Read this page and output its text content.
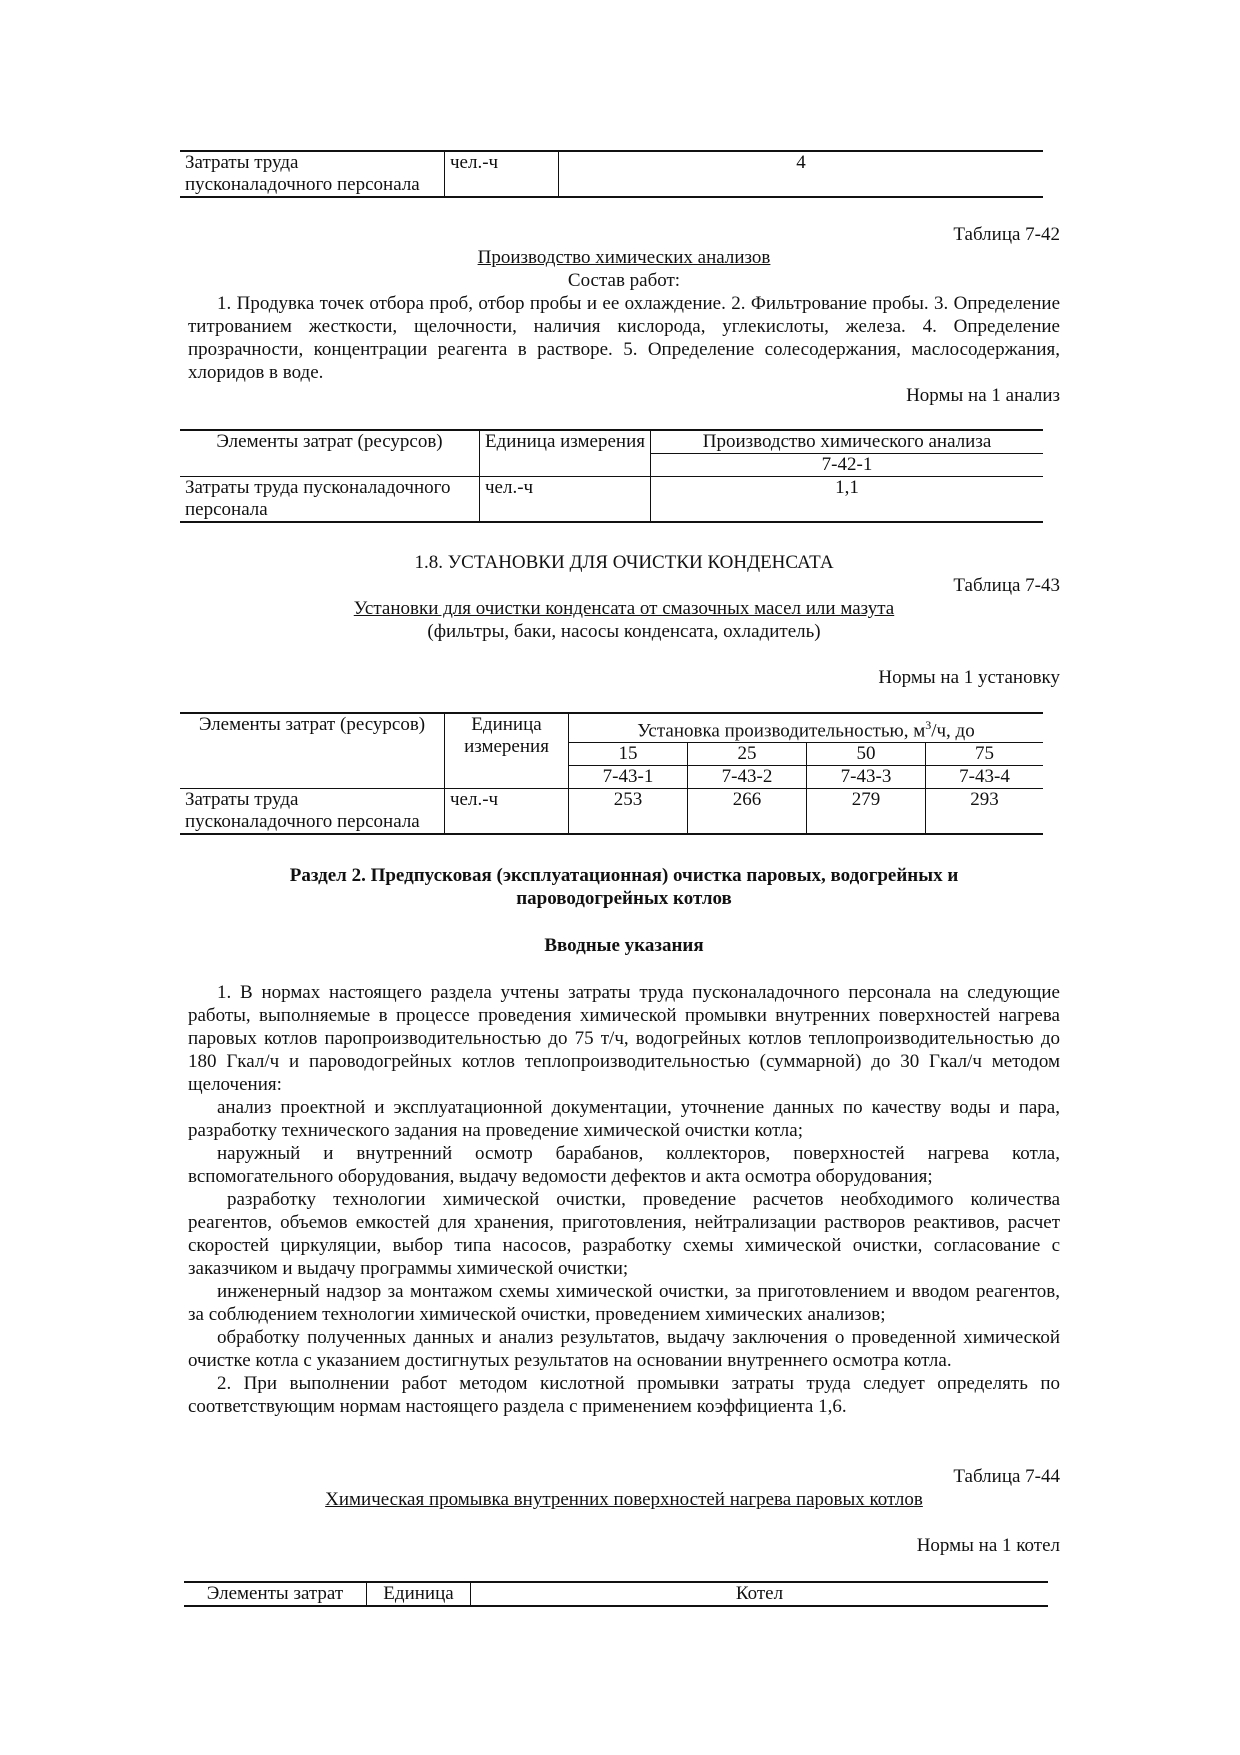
Затраты труда пусконаладочного персонала	чел.-ч	4
Таблица 7-42
Производство химических анализов
Состав работ:
1. Продувка точек отбора проб, отбор пробы и ее охлаждение. 2. Фильтрование пробы. 3. Определение титрованием жесткости, щелочности, наличия кислорода, углекислоты, железа. 4. Определение прозрачности, концентрации реагента в растворе. 5. Определение солесодержания, маслосодержания, хлоридов в воде.
Нормы на 1 анализ
Элементы затрат (ресурсов)	Единица измерения	Производство химического анализа
		7-42-1
Затраты труда пусконаладочного персонала	чел.-ч	1,1
1.8. УСТАНОВКИ ДЛЯ ОЧИСТКИ КОНДЕНСАТА
Таблица 7-43
Установки для очистки конденсата от смазочных масел или мазута
(фильтры, баки, насосы конденсата, охладитель)
Нормы на 1 установку
Элементы затрат (ресурсов)	Единица измерения	Установка производительностью, $м^3/ч$, до			
		15	25	50	75
		7-43-1	7-43-2	7-43-3	7-43-4
Затраты труда пусконаладочного персонала	чел.-ч	253	266	279	293
Раздел 2. Предпусковая (эксплуатационная) очистка паровых, водогрейных и пароводогрейных котлов
Вводные указания

1. В нормах настоящего раздела учтены затраты труда пусконаладочного персонала на следующие работы, выполняемые в процессе проведения химической промывки внутренних поверхностей нагрева паровых котлов паропроизводительностью до 75 т/ч, водогрейных котлов теплопроизводительностью до 180 Гкал/ч и пароводогрейных котлов теплопроизводительностью (суммарной) до 30 Гкал/ч методом щелочения:

анализ проектной и эксплуатационной документации, уточнение данных по качеству воды и пара, разработку технического задания на проведение химической очистки котла;

наружный и внутренний осмотр барабанов, коллекторов, поверхностей нагрева котла, вспомогательного оборудования, выдачу ведомости дефектов и акта осмотра оборудования;

разработку технологии химической очистки, проведение расчетов необходимого количества реагентов, объемов емкостей для хранения, приготовления, нейтрализации растворов реактивов, расчет скоростей циркуляции, выбор типа насосов, разработку схемы химической очистки, согласование с заказчиком и выдачу программы химической очистки;

инженерный надзор за монтажом схемы химической очистки, за приготовлением и вводом реагентов, за соблюдением технологии химической очистки, проведением химических анализов;

обработку полученных данных и анализ результатов, выдачу заключения о проведенной химической очистке котла с указанием достигнутых результатов на основании внутреннего осмотра котла.

2. При выполнении работ методом кислотной промывки затраты труда следует определять по соответствующим нормам настоящего раздела с применением коэффициента 1,6.

Таблица 7-44
Химическая промывка внутренних поверхностей нагрева паровых котлов
Нормы на 1 котел
Элементы затрат	Единица	Котел
